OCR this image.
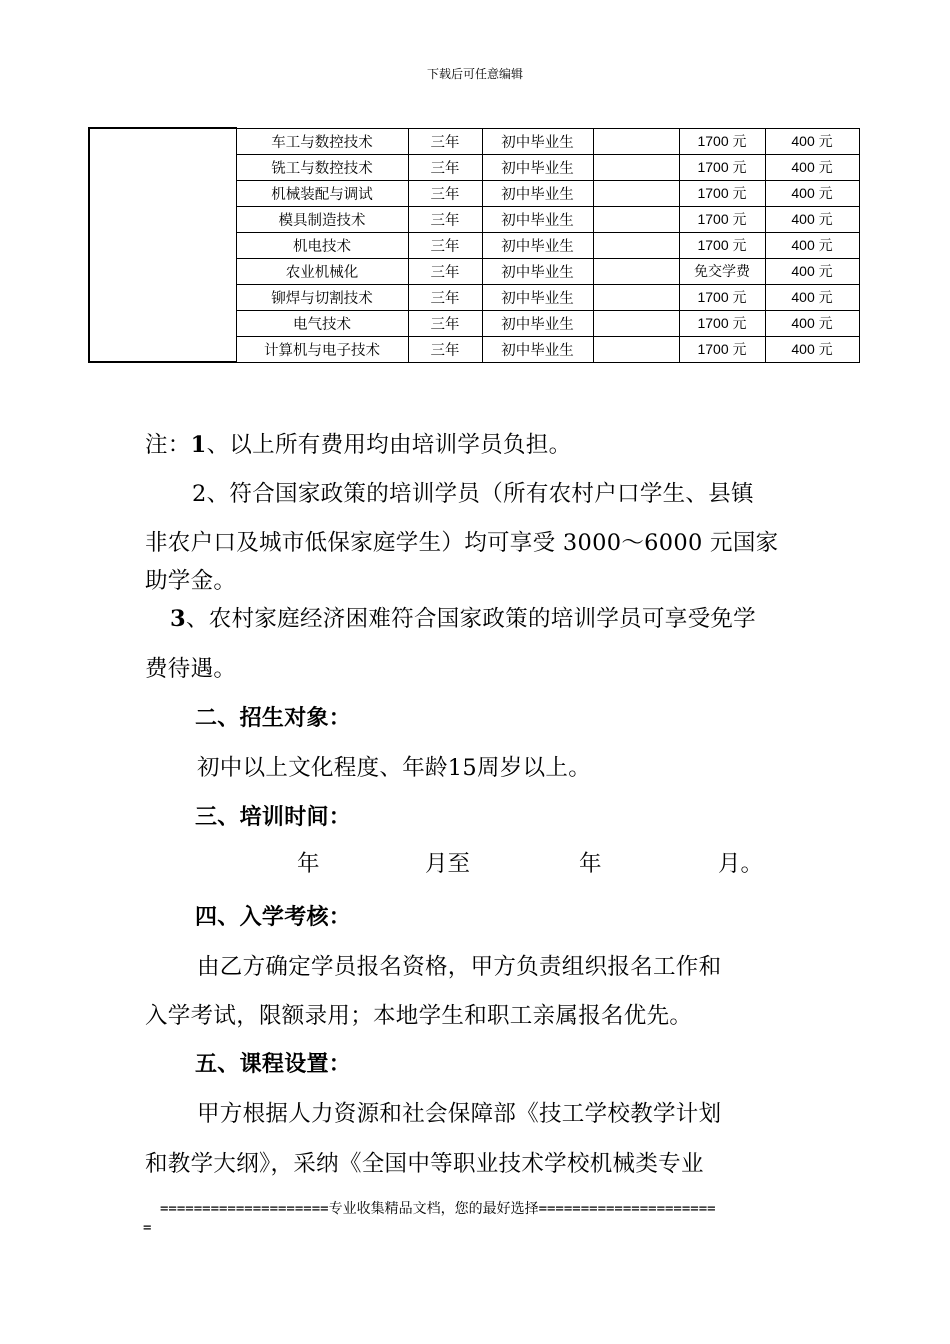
下载后可任意编辑
	车工与数控技术	三年	初中毕业生		1700 元	400 元
	铣工与数控技术	三年	初中毕业生		1700 元	400 元
	机械装配与调试	三年	初中毕业生		1700 元	400 元
	模具制造技术	三年	初中毕业生		1700 元	400 元
	机电技术	三年	初中毕业生		1700 元	400 元
	农业机械化	三年	初中毕业生		免交学费	400 元
	铆焊与切割技术	三年	初中毕业生		1700 元	400 元
	电气技术	三年	初中毕业生		1700 元	400 元
	计算机与电子技术	三年	初中毕业生		1700 元	400 元
注：1、以上所有费用均由培训学员负担。
2、符合国家政策的培训学员（所有农村户口学生、县镇
非农户口及城市低保家庭学生）均可享受 3000～6000 元国家
助学金。
3、农村家庭经济困难符合国家政策的培训学员可享受免学
费待遇。
二、招生对象：
初中以上文化程度、年龄15周岁以上。
三、培训时间：
年	月至	年	月。
四、入学考核：
由乙方确定学员报名资格，甲方负责组织报名工作和
入学考试，限额录用；本地学生和职工亲属报名优先。
五、课程设置：
甲方根据人力资源和社会保障部《技工学校教学计划
和教学大纲》，采纳《全国中等职业技术学校机械类专业
====================专业收集精品文档，您的最好选择=====================
=
